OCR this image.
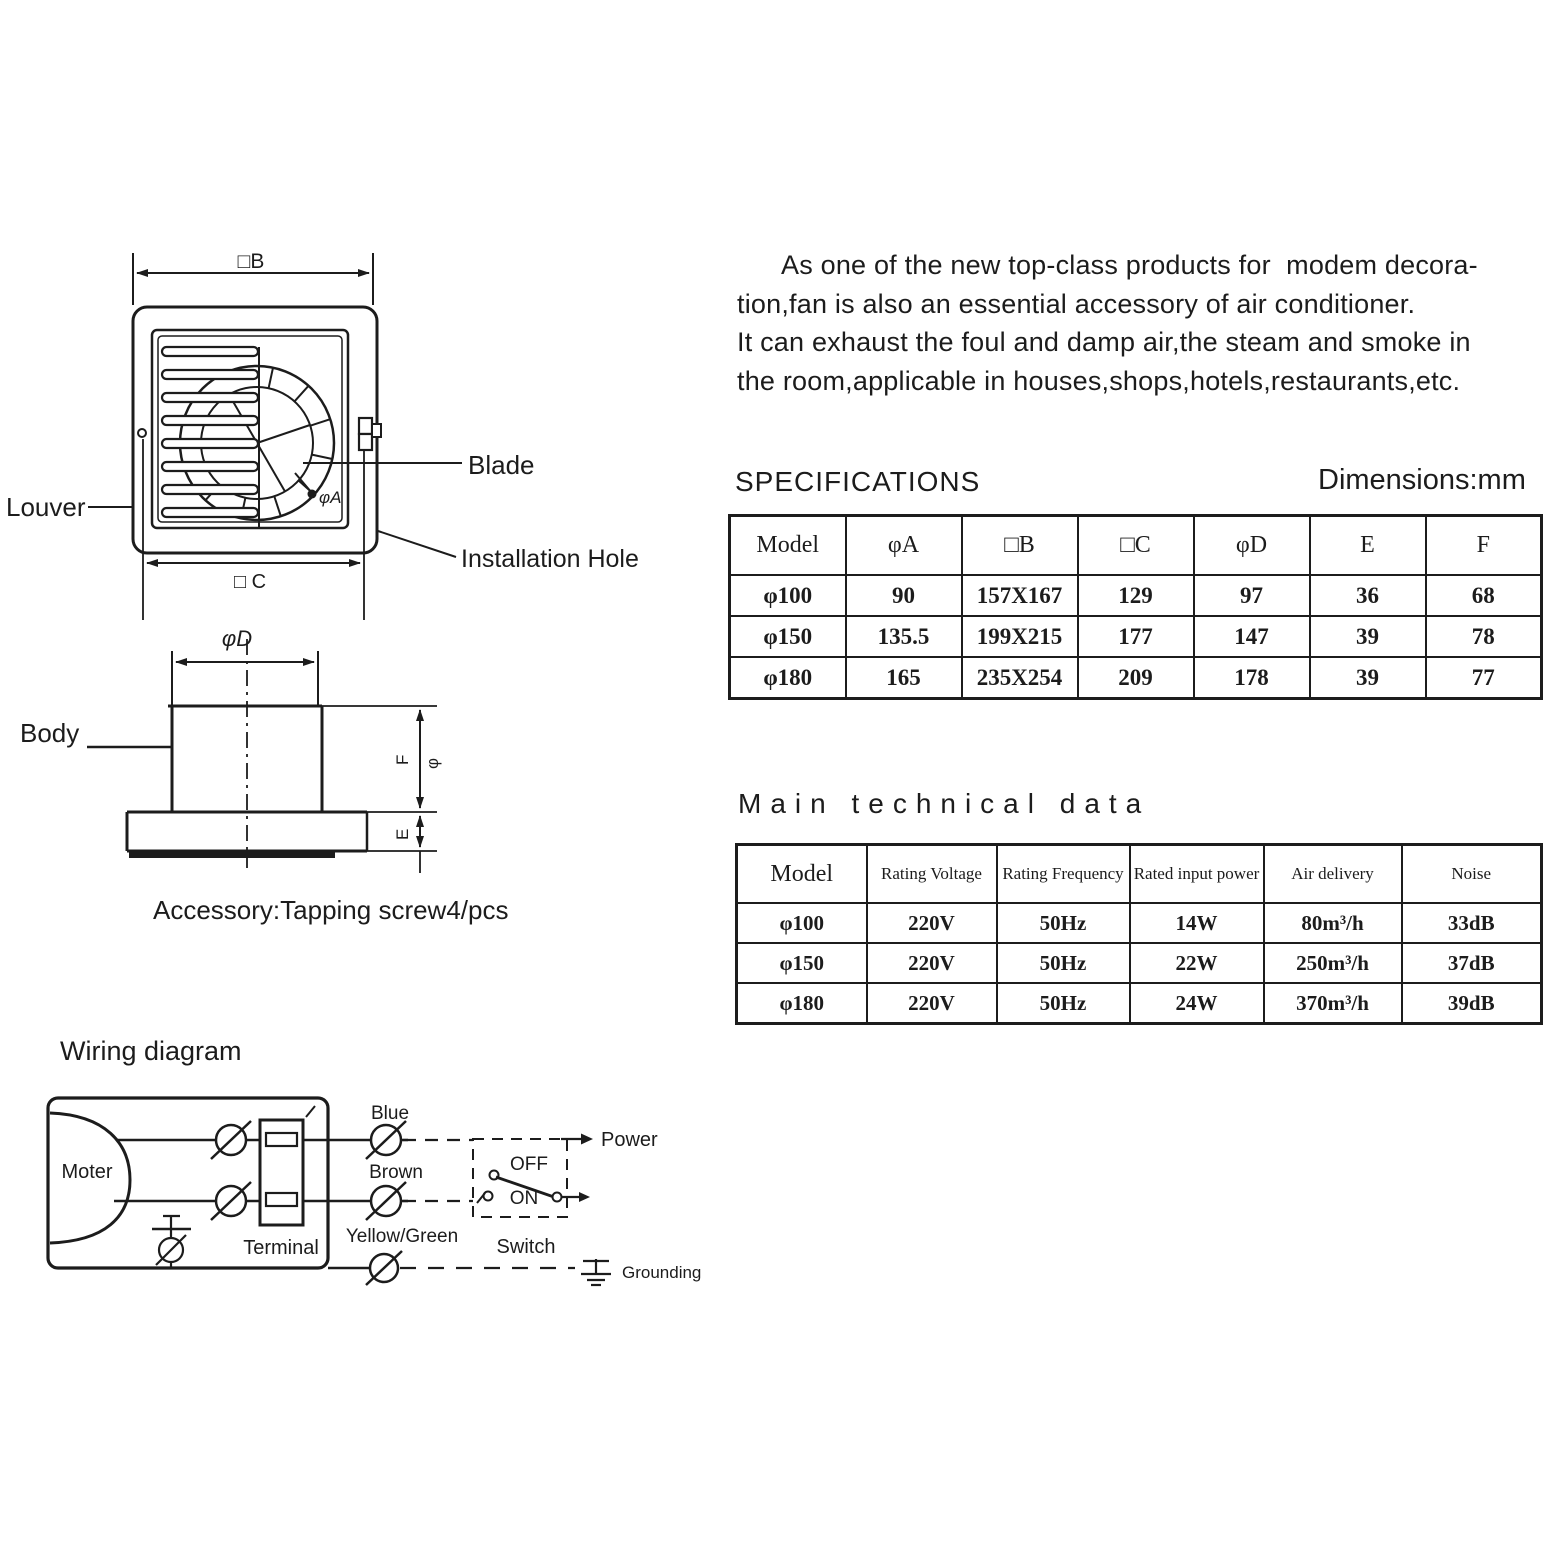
□B
φA
Louver
Blade
Installation Hole
□ C
φD
Body
F φ
E
Accessory:Tapping screw4/pcs
As one of the new top-class products for  modem decora-
tion,fan is also an essential accessory of air conditioner.
It can exhaust the foul and damp air,the steam and smoke in
the room,applicable in houses,shops,hotels,restaurants,etc.
SPECIFICATIONS	Dimensions:mm
Model	φA	□B	□C	φD	E	F
φ100	90	157X167	129	97	36	68
φ150	135.5	199X215	177	147	39	78
φ180	165	235X254	209	178	39	77
Main technical data
Model	Rating Voltage	Rating Frequency	Rated input power	Air delivery	Noise
φ100	220V	50Hz	14W	80m³/h	33dB
φ150	220V	50Hz	22W	250m³/h	37dB
φ180	220V	50Hz	24W	370m³/h	39dB
Wiring diagram
Moter
Terminal
Blue
Brown
Yellow/Green
OFF
ON
Switch
Power
Grounding
